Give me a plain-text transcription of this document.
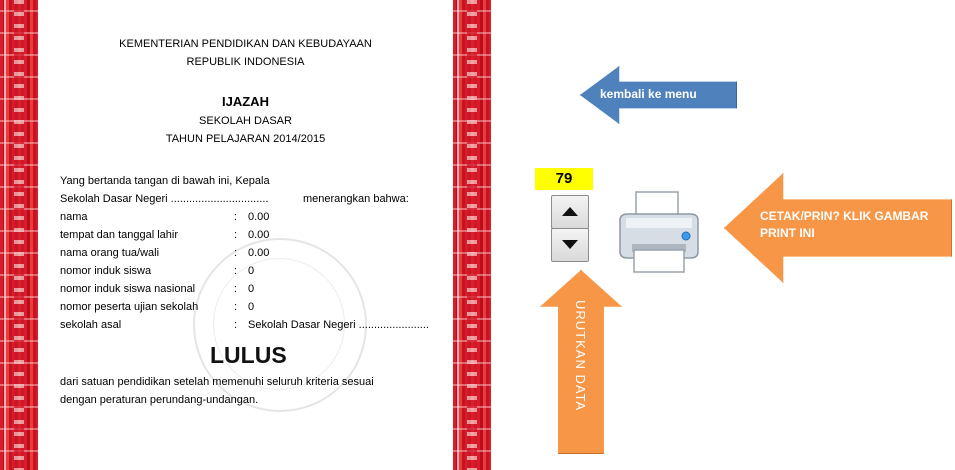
KEMENTERIAN PENDIDIKAN DAN KEBUDAYAAN
REPUBLIK INDONESIA
IJAZAH
SEKOLAH DASAR
TAHUN PELAJARAN 2014/2015
Yang bertanda tangan di bawah ini, Kepala
Sekolah Dasar Negeri ................................	menerangkan bahwa:
nama	: 0.00
tempat dan tanggal lahir	: 0.00
nama orang tua/wali	: 0.00
nomor induk siswa	: 0
nomor induk siswa nasional	: 0
nomor peserta ujian sekolah	: 0
sekolah asal	: Sekolah Dasar Negeri .......................
LULUS
dari satuan pendidikan setelah memenuhi seluruh kriteria sesuai
dengan peraturan perundang-undangan.
kembali ke menu
79
CETAK/PRIN? KLIK GAMBAR PRINT INI
URUTKAN DATA
